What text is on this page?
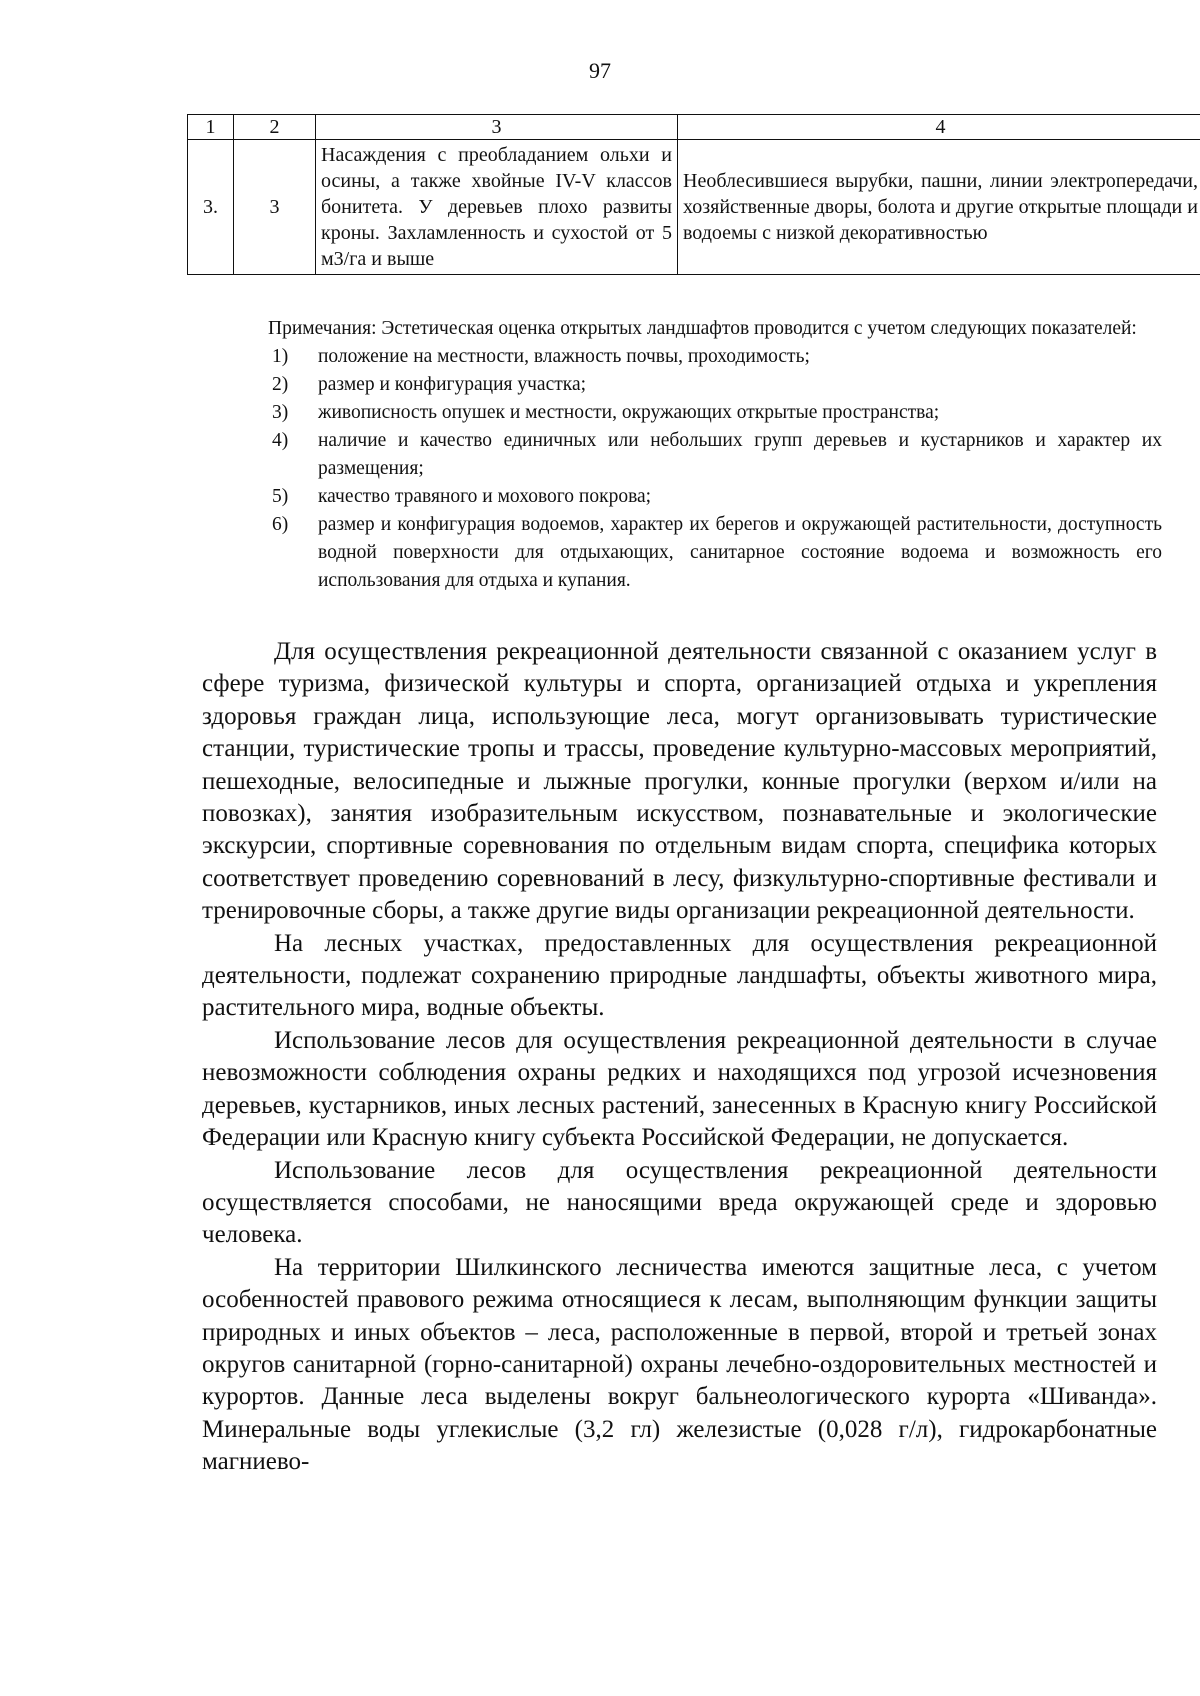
97
1	2	3	4
3.	3	Насаждения с преобладанием ольхи и осины, а также хвойные IV-V классов бонитета. У деревьев плохо развиты кроны. Захламленность и сухостой от 5 м3/га и выше	Необлесившиеся вырубки, пашни, линии электропередачи, хозяйственные дворы, болота и другие открытые площади и водоемы с низкой декоративностью

Примечания: Эстетическая оценка открытых ландшафтов проводится с учетом следующих показателей:

1) положение на местности, влажность почвы, проходимость;
2) размер и конфигурация участка;
3) живописность опушек и местности, окружающих открытые пространства;
4) наличие и качество единичных или небольших групп деревьев и кустарников и характер их размещения;
5) качество травяного и мохового покрова;
6) размер и конфигурация водоемов, характер их берегов и окружающей растительности, доступность водной поверхности для отдыхающих, санитарное состояние водоема и возможность его использования для отдыха и купания.

Для осуществления рекреационной деятельности связанной с оказанием услуг в сфере туризма, физической культуры и спорта, организацией отдыха и укрепления здоровья граждан лица, использующие леса, могут организовывать туристические станции, туристические тропы и трассы, проведение культурно-массовых мероприятий, пешеходные, велосипедные и лыжные прогулки, конные прогулки (верхом и/или на повозках), занятия изобразительным искусством, познавательные и экологические экскурсии, спортивные соревнования по отдельным видам спорта, специфика которых соответствует проведению соревнований в лесу, физкультурно-спортивные фестивали и тренировочные сборы, а также другие виды организации рекреационной деятельности.

На лесных участках, предоставленных для осуществления рекреационной деятельности, подлежат сохранению природные ландшафты, объекты животного мира, растительного мира, водные объекты.

Использование лесов для осуществления рекреационной деятельности в случае невозможности соблюдения охраны редких и находящихся под угрозой исчезновения деревьев, кустарников, иных лесных растений, занесенных в Красную книгу Российской Федерации или Красную книгу субъекта Российской Федерации, не допускается.

Использование лесов для осуществления рекреационной деятельности осуществляется способами, не наносящими вреда окружающей среде и здоровью человека.

На территории Шилкинского лесничества имеются защитные леса, с учетом особенностей правового режима относящиеся к лесам, выполняющим функции защиты природных и иных объектов – леса, расположенные в первой, второй и третьей зонах округов санитарной (горно-санитарной) охраны лечебно-оздоровительных местностей и курортов. Данные леса выделены вокруг бальнеологического курорта «Шиванда». Минеральные воды углекислые (3,2 гл) железистые (0,028 г/л), гидрокарбонатные магниево-
